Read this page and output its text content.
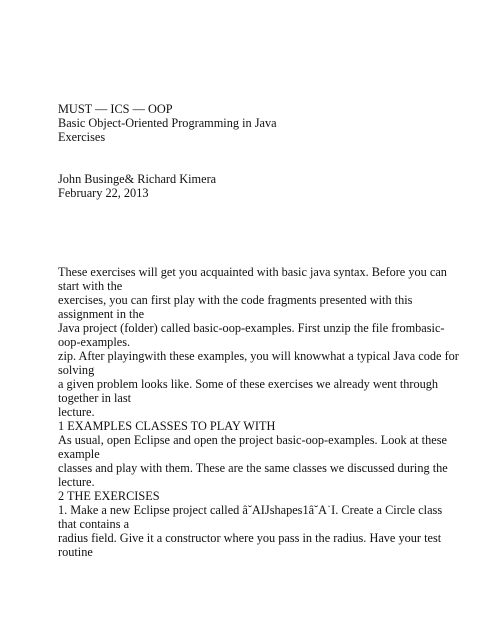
MUST — ICS — OOP
Basic Object-Oriented Programming in Java
Exercises
John Businge& Richard Kimera
February 22, 2013
These exercises will get you acquainted with basic java syntax. Before you can
start with the
exercises, you can first play with the code fragments presented with this
assignment in the
Java project (folder) called basic-oop-examples. First unzip the file frombasic-
oop-examples.
zip. After playingwith these examples, you will knowwhat a typical Java code for
solving
a given problem looks like. Some of these exercises we already went through
together in last
lecture.
1 EXAMPLES CLASSES TO PLAY WITH
As usual, open Eclipse and open the project basic-oop-examples. Look at these
example
classes and play with them. These are the same classes we discussed during the
lecture.
2 THE EXERCISES
1. Make a new Eclipse project called â˘AIJshapes1â˘A˙I. Create a Circle class
that contains a
radius field. Give it a constructor where you pass in the radius. Have your test
routine
